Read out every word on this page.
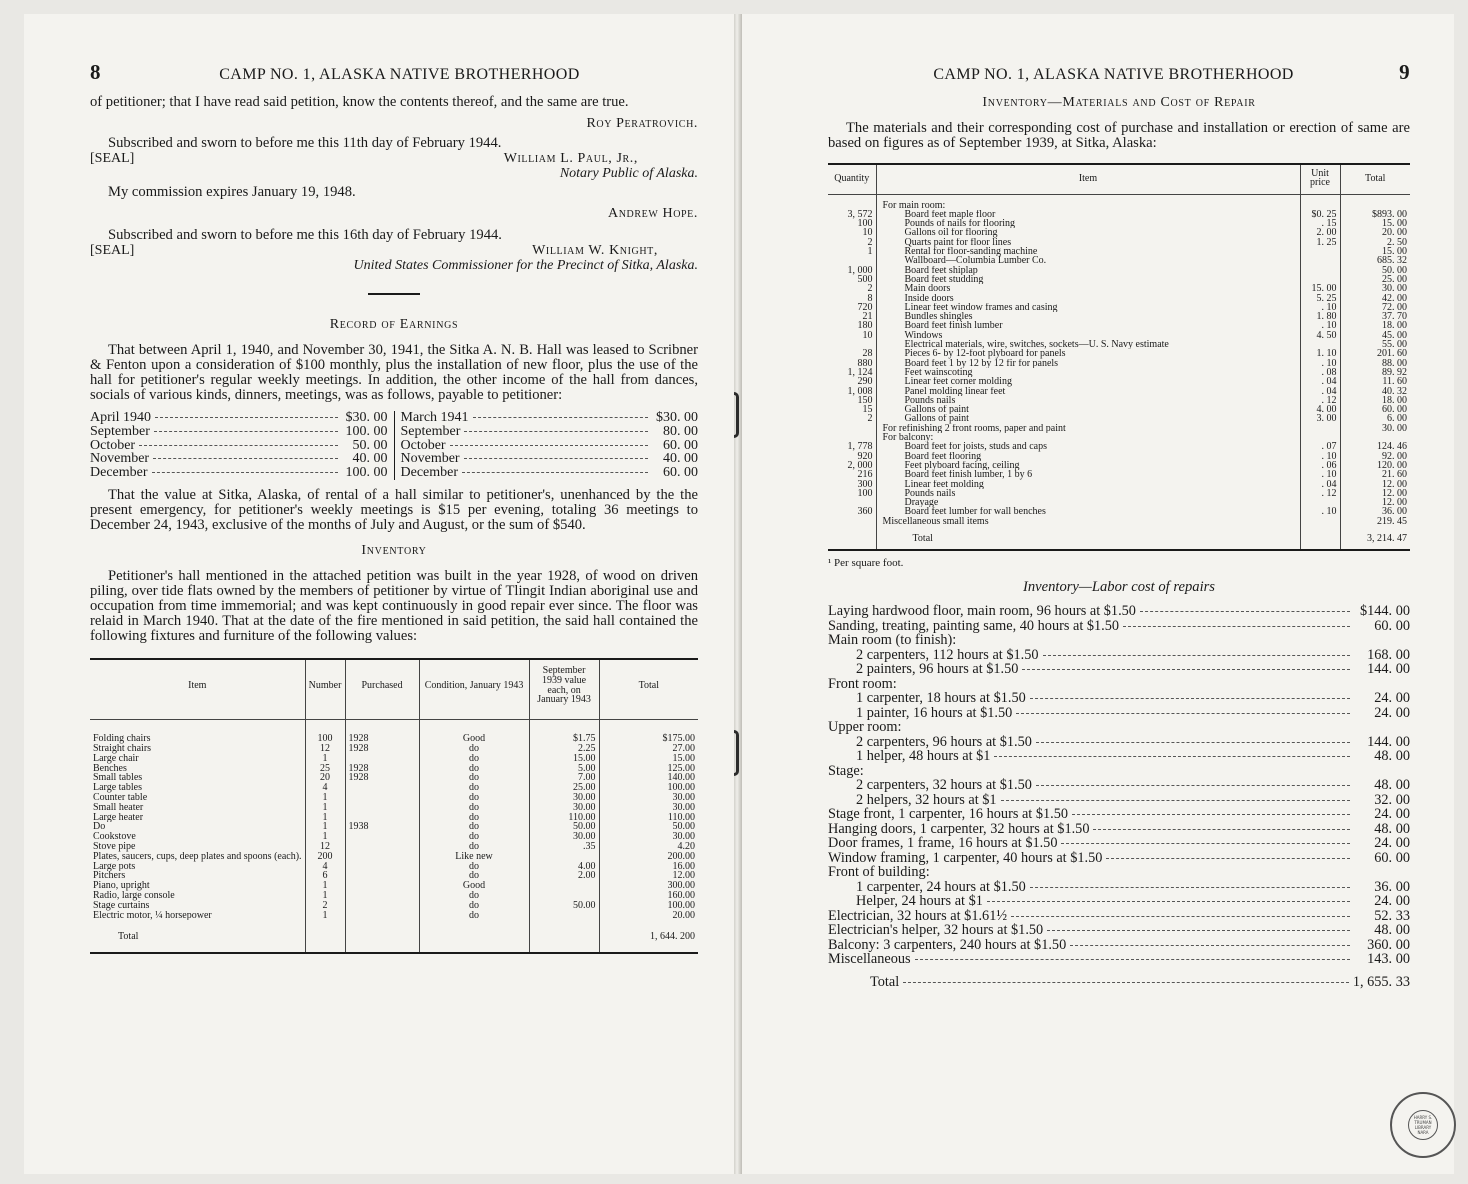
8	CAMP NO. 1, ALASKA NATIVE BROTHERHOOD

of petitioner; that I have read said petition, know the contents thereof, and the same are true.

Roy Peratrovich.

Subscribed and sworn to before me this 11th day of February 1944.

[SEAL]	William L. Paul, Jr.,
Notary Public of Alaska.

My commission expires January 19, 1948.

Andrew Hope.

Subscribed and sworn to before me this 16th day of February 1944.

[SEAL]	William W. Knight,
United States Commissioner for the Precinct of Sitka, Alaska.
Record of Earnings

That between April 1, 1940, and November 30, 1941, the Sitka A. N. B. Hall was leased to Scribner & Fenton upon a consideration of $100 monthly, plus the installation of new floor, plus the use of the hall for petitioner's regular weekly meetings. In addition, the other income of the hall from dances, socials of various kinds, dinners, meetings, was as follows, payable to petitioner:

April 1940	$30. 00
September	100. 00
October	50. 00
November	40. 00
December	100. 00
March 1941	$30. 00
September	80. 00
October	60. 00
November	40. 00
December	60. 00

That the value at Sitka, Alaska, of rental of a hall similar to petitioner's, unenhanced by the the present emergency, for petitioner's weekly meetings is $15 per evening, totaling 36 meetings to December 24, 1943, exclusive of the months of July and August, or the sum of $540.

Inventory

Petitioner's hall mentioned in the attached petition was built in the year 1928, of wood on driven piling, over tide flats owned by the members of petitioner by virtue of Tlingit Indian aboriginal use and occupation from time immemorial; and was kept continuously in good repair ever since. The floor was relaid in March 1940. That at the date of the fire mentioned in said petition, the said hall contained the following fixtures and furniture of the following values:

Item	Number	Purchased	Condition, January 1943	September 1939 value each, on January 1943	Total
Folding chairs	100	1928	Good	$1.75	$175.00
Straight chairs	12	1928	do	2.25	27.00
Large chair	1		do	15.00	15.00
Benches	25	1928	do	5.00	125.00
Small tables	20	1928	do	7.00	140.00
Large tables	4		do	25.00	100.00
Counter table	1		do	30.00	30.00
Small heater	1		do	30.00	30.00
Large heater	1		do	110.00	110.00
Do	1	1938	do	50.00	50.00
Cookstove	1		do	30.00	30.00
Stove pipe	12		do	.35	4.20
Plates, saucers, cups, deep plates and spoons (each).	200		Like new		200.00
Large pots	4		do	4.00	16.00
Pitchers	6		do	2.00	12.00
Piano, upright	1		Good		300.00
Radio, large console	1		do		160.00
Stage curtains	2		do	50.00	100.00
Electric motor, ¼ horsepower	1		do		20.00
Total					1, 644. 200
CAMP NO. 1, ALASKA NATIVE BROTHERHOOD	9
Inventory—Materials and Cost of Repair

The materials and their corresponding cost of purchase and installation or erection of same are based on figures as of September 1939, at Sitka, Alaska:

Quantity	Item	Unit price	Total
	For main room:		
3, 572	Board feet maple floor	$0. 25	$893. 00
100	Pounds of nails for flooring	. 15	15. 00
10	Gallons oil for flooring	2. 00	20. 00
2	Quarts paint for floor lines	1. 25	2. 50
1	Rental for floor-sanding machine		15. 00
	Wallboard—Columbia Lumber Co.		685. 32
1, 000	Board feet shiplap		50. 00
500	Board feet studding		25. 00
2	Main doors	15. 00	30. 00
8	Inside doors	5. 25	42. 00
720	Linear feet window frames and casing	. 10	72. 00
21	Bundles shingles	1. 80	37. 70
180	Board feet finish lumber	. 10	18. 00
10	Windows	4. 50	45. 00
	Electrical materials, wire, switches, sockets—U. S. Navy estimate		55. 00
28	Pieces 6- by 12-foot plyboard for panels	1. 10	201. 60
880	Board feet 1 by 12 by 12 fir for panels	. 10	88. 00
1, 124	Feet wainscoting	. 08	89. 92
290	Linear feet corner molding	. 04	11. 60
1, 008	Panel molding linear feet	. 04	40. 32
150	Pounds nails	. 12	18. 00
15	Gallons of paint	4. 00	60. 00
2	Gallons of paint	3. 00	6. 00
	For refinishing 2 front rooms, paper and paint		30. 00
	For balcony:		
1, 778	Board feet for joists, studs and caps	. 07	124. 46
920	Board feet flooring	. 10	92. 00
2, 000	Feet plyboard facing, ceiling	. 06	120. 00
216	Board feet finish lumber, 1 by 6	. 10	21. 60
300	Linear feet molding	. 04	12. 00
100	Pounds nails	. 12	12. 00
	Drayage		12. 00
360	Board feet lumber for wall benches	. 10	36. 00
	Miscellaneous small items		219. 45
	Total		3, 214. 47
¹ Per square foot.
Inventory—Labor cost of repairs
Laying hardwood floor, main room, 96 hours at $1.50	$144. 00
Sanding, treating, painting same, 40 hours at $1.50	60. 00
Main room (to finish):
2 carpenters, 112 hours at $1.50	168. 00
2 painters, 96 hours at $1.50	144. 00
Front room:
1 carpenter, 18 hours at $1.50	24. 00
1 painter, 16 hours at $1.50	24. 00
Upper room:
2 carpenters, 96 hours at $1.50	144. 00
1 helper, 48 hours at $1	48. 00
Stage:
2 carpenters, 32 hours at $1.50	48. 00
2 helpers, 32 hours at $1	32. 00
Stage front, 1 carpenter, 16 hours at $1.50	24. 00
Hanging doors, 1 carpenter, 32 hours at $1.50	48. 00
Door frames, 1 frame, 16 hours at $1.50	24. 00
Window framing, 1 carpenter, 40 hours at $1.50	60. 00
Front of building:
1 carpenter, 24 hours at $1.50	36. 00
Helper, 24 hours at $1	24. 00
Electrician, 32 hours at $1.61½	52. 33
Electrician's helper, 32 hours at $1.50	48. 00
Balcony: 3 carpenters, 240 hours at $1.50	360. 00
Miscellaneous	143. 00
Total	1, 655. 33
HARRY S. TRUMAN LIBRARY NARA
